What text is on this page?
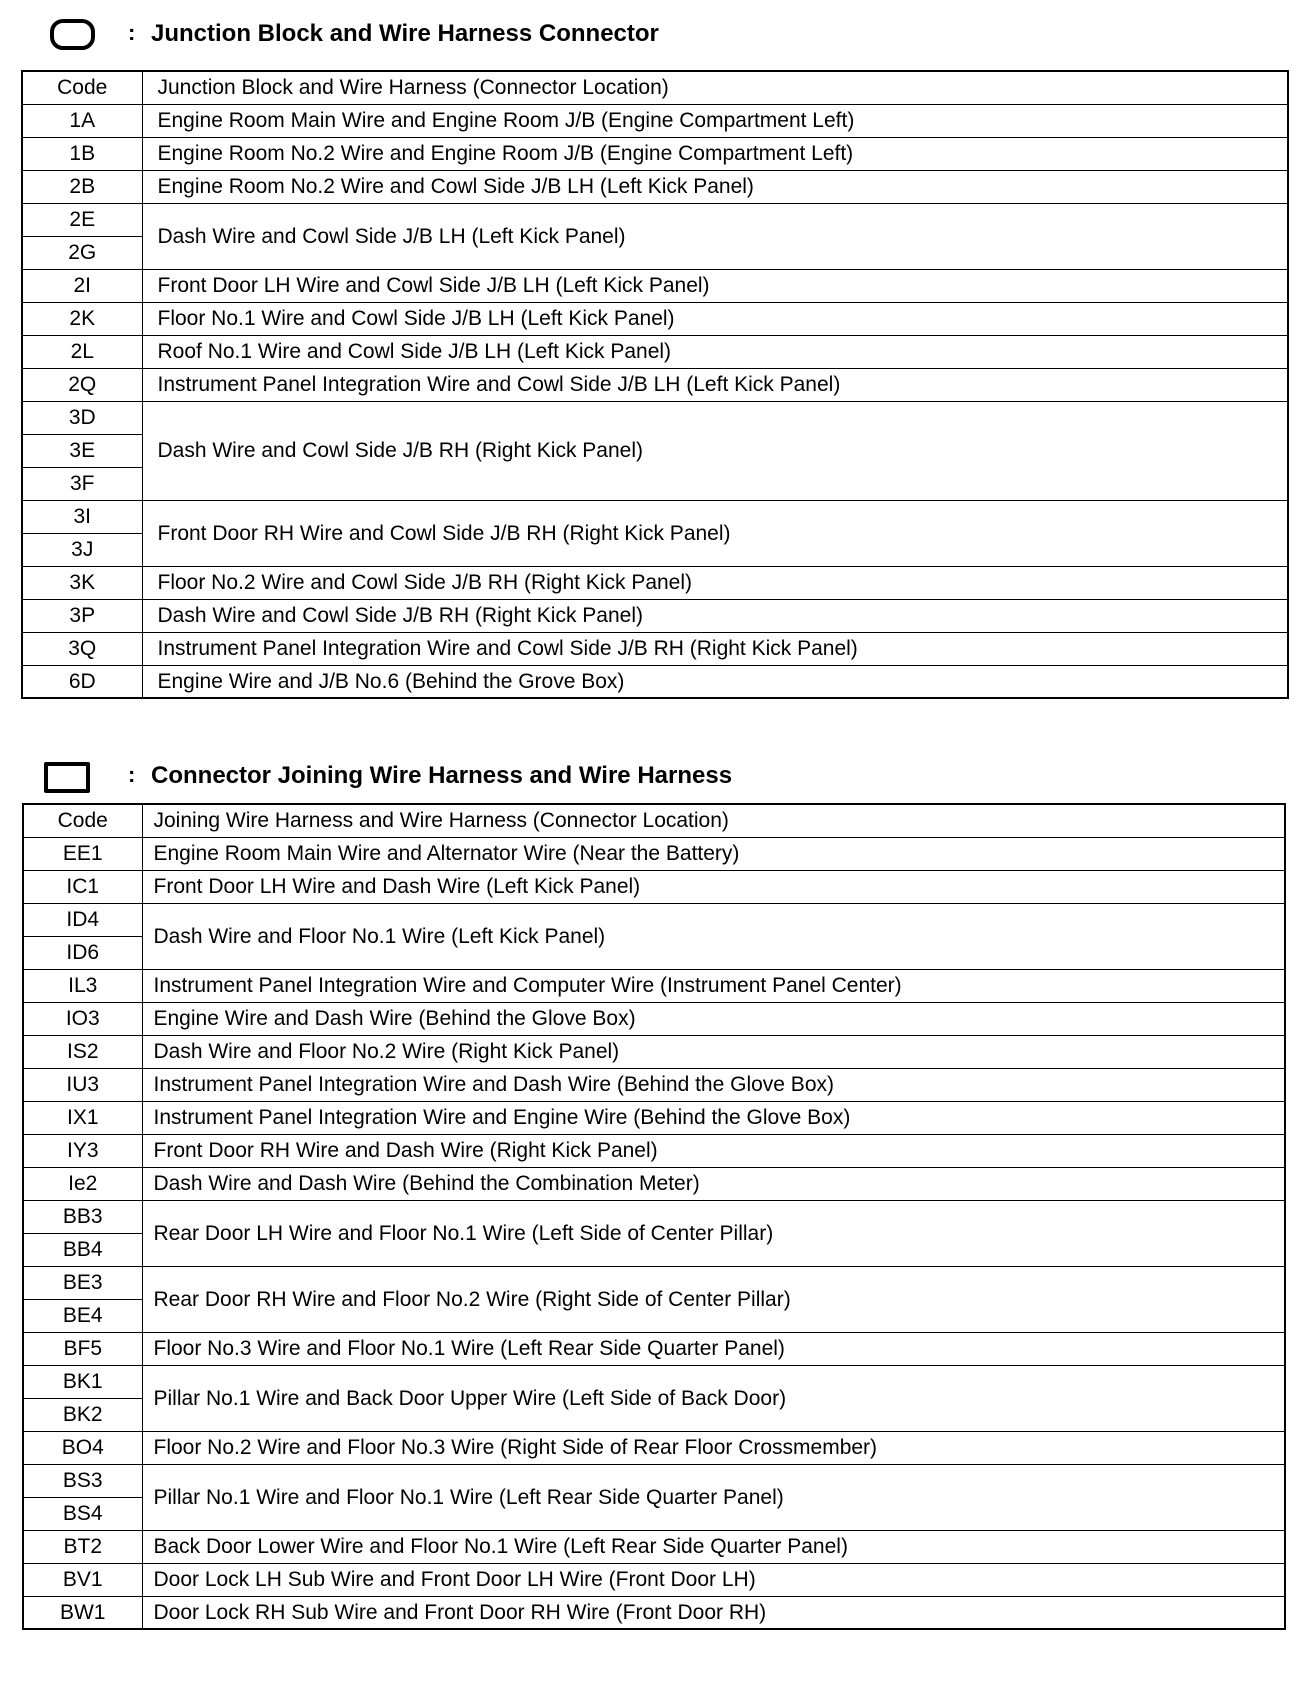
: Junction Block and Wire Harness Connector
Code	Junction Block and Wire Harness (Connector Location)
1A	Engine Room Main Wire and Engine Room J/B (Engine Compartment Left)
1B	Engine Room No.2 Wire and Engine Room J/B (Engine Compartment Left)
2B	Engine Room No.2 Wire and Cowl Side J/B LH (Left Kick Panel)
2E	Dash Wire and Cowl Side J/B LH (Left Kick Panel)
2G	
2I	Front Door LH Wire and Cowl Side J/B LH (Left Kick Panel)
2K	Floor No.1 Wire and Cowl Side J/B LH (Left Kick Panel)
2L	Roof No.1 Wire and Cowl Side J/B LH (Left Kick Panel)
2Q	Instrument Panel Integration Wire and Cowl Side J/B LH (Left Kick Panel)
3D	Dash Wire and Cowl Side J/B RH (Right Kick Panel)
3E	
3F	
3I	Front Door RH Wire and Cowl Side J/B RH (Right Kick Panel)
3J	
3K	Floor No.2 Wire and Cowl Side J/B RH (Right Kick Panel)
3P	Dash Wire and Cowl Side J/B RH (Right Kick Panel)
3Q	Instrument Panel Integration Wire and Cowl Side J/B RH (Right Kick Panel)
6D	Engine Wire and J/B No.6 (Behind the Grove Box)
: Connector Joining Wire Harness and Wire Harness
Code	Joining Wire Harness and Wire Harness (Connector Location)
EE1	Engine Room Main Wire and Alternator Wire (Near the Battery)
IC1	Front Door LH Wire and Dash Wire (Left Kick Panel)
ID4	Dash Wire and Floor No.1 Wire (Left Kick Panel)
ID6	
IL3	Instrument Panel Integration Wire and Computer Wire (Instrument Panel Center)
IO3	Engine Wire and Dash Wire (Behind the Glove Box)
IS2	Dash Wire and Floor No.2 Wire (Right Kick Panel)
IU3	Instrument Panel Integration Wire and Dash Wire (Behind the Glove Box)
IX1	Instrument Panel Integration Wire and Engine Wire (Behind the Glove Box)
IY3	Front Door RH Wire and Dash Wire (Right Kick Panel)
Ie2	Dash Wire and Dash Wire (Behind the Combination Meter)
BB3	Rear Door LH Wire and Floor No.1 Wire (Left Side of Center Pillar)
BB4	
BE3	Rear Door RH Wire and Floor No.2 Wire (Right Side of Center Pillar)
BE4	
BF5	Floor No.3 Wire and Floor No.1 Wire (Left Rear Side Quarter Panel)
BK1	Pillar No.1 Wire and Back Door Upper Wire (Left Side of Back Door)
BK2	
BO4	Floor No.2 Wire and Floor No.3 Wire (Right Side of Rear Floor Crossmember)
BS3	Pillar No.1 Wire and Floor No.1 Wire (Left Rear Side Quarter Panel)
BS4	
BT2	Back Door Lower Wire and Floor No.1 Wire (Left Rear Side Quarter Panel)
BV1	Door Lock LH Sub Wire and Front Door LH Wire (Front Door LH)
BW1	Door Lock RH Sub Wire and Front Door RH Wire (Front Door RH)
